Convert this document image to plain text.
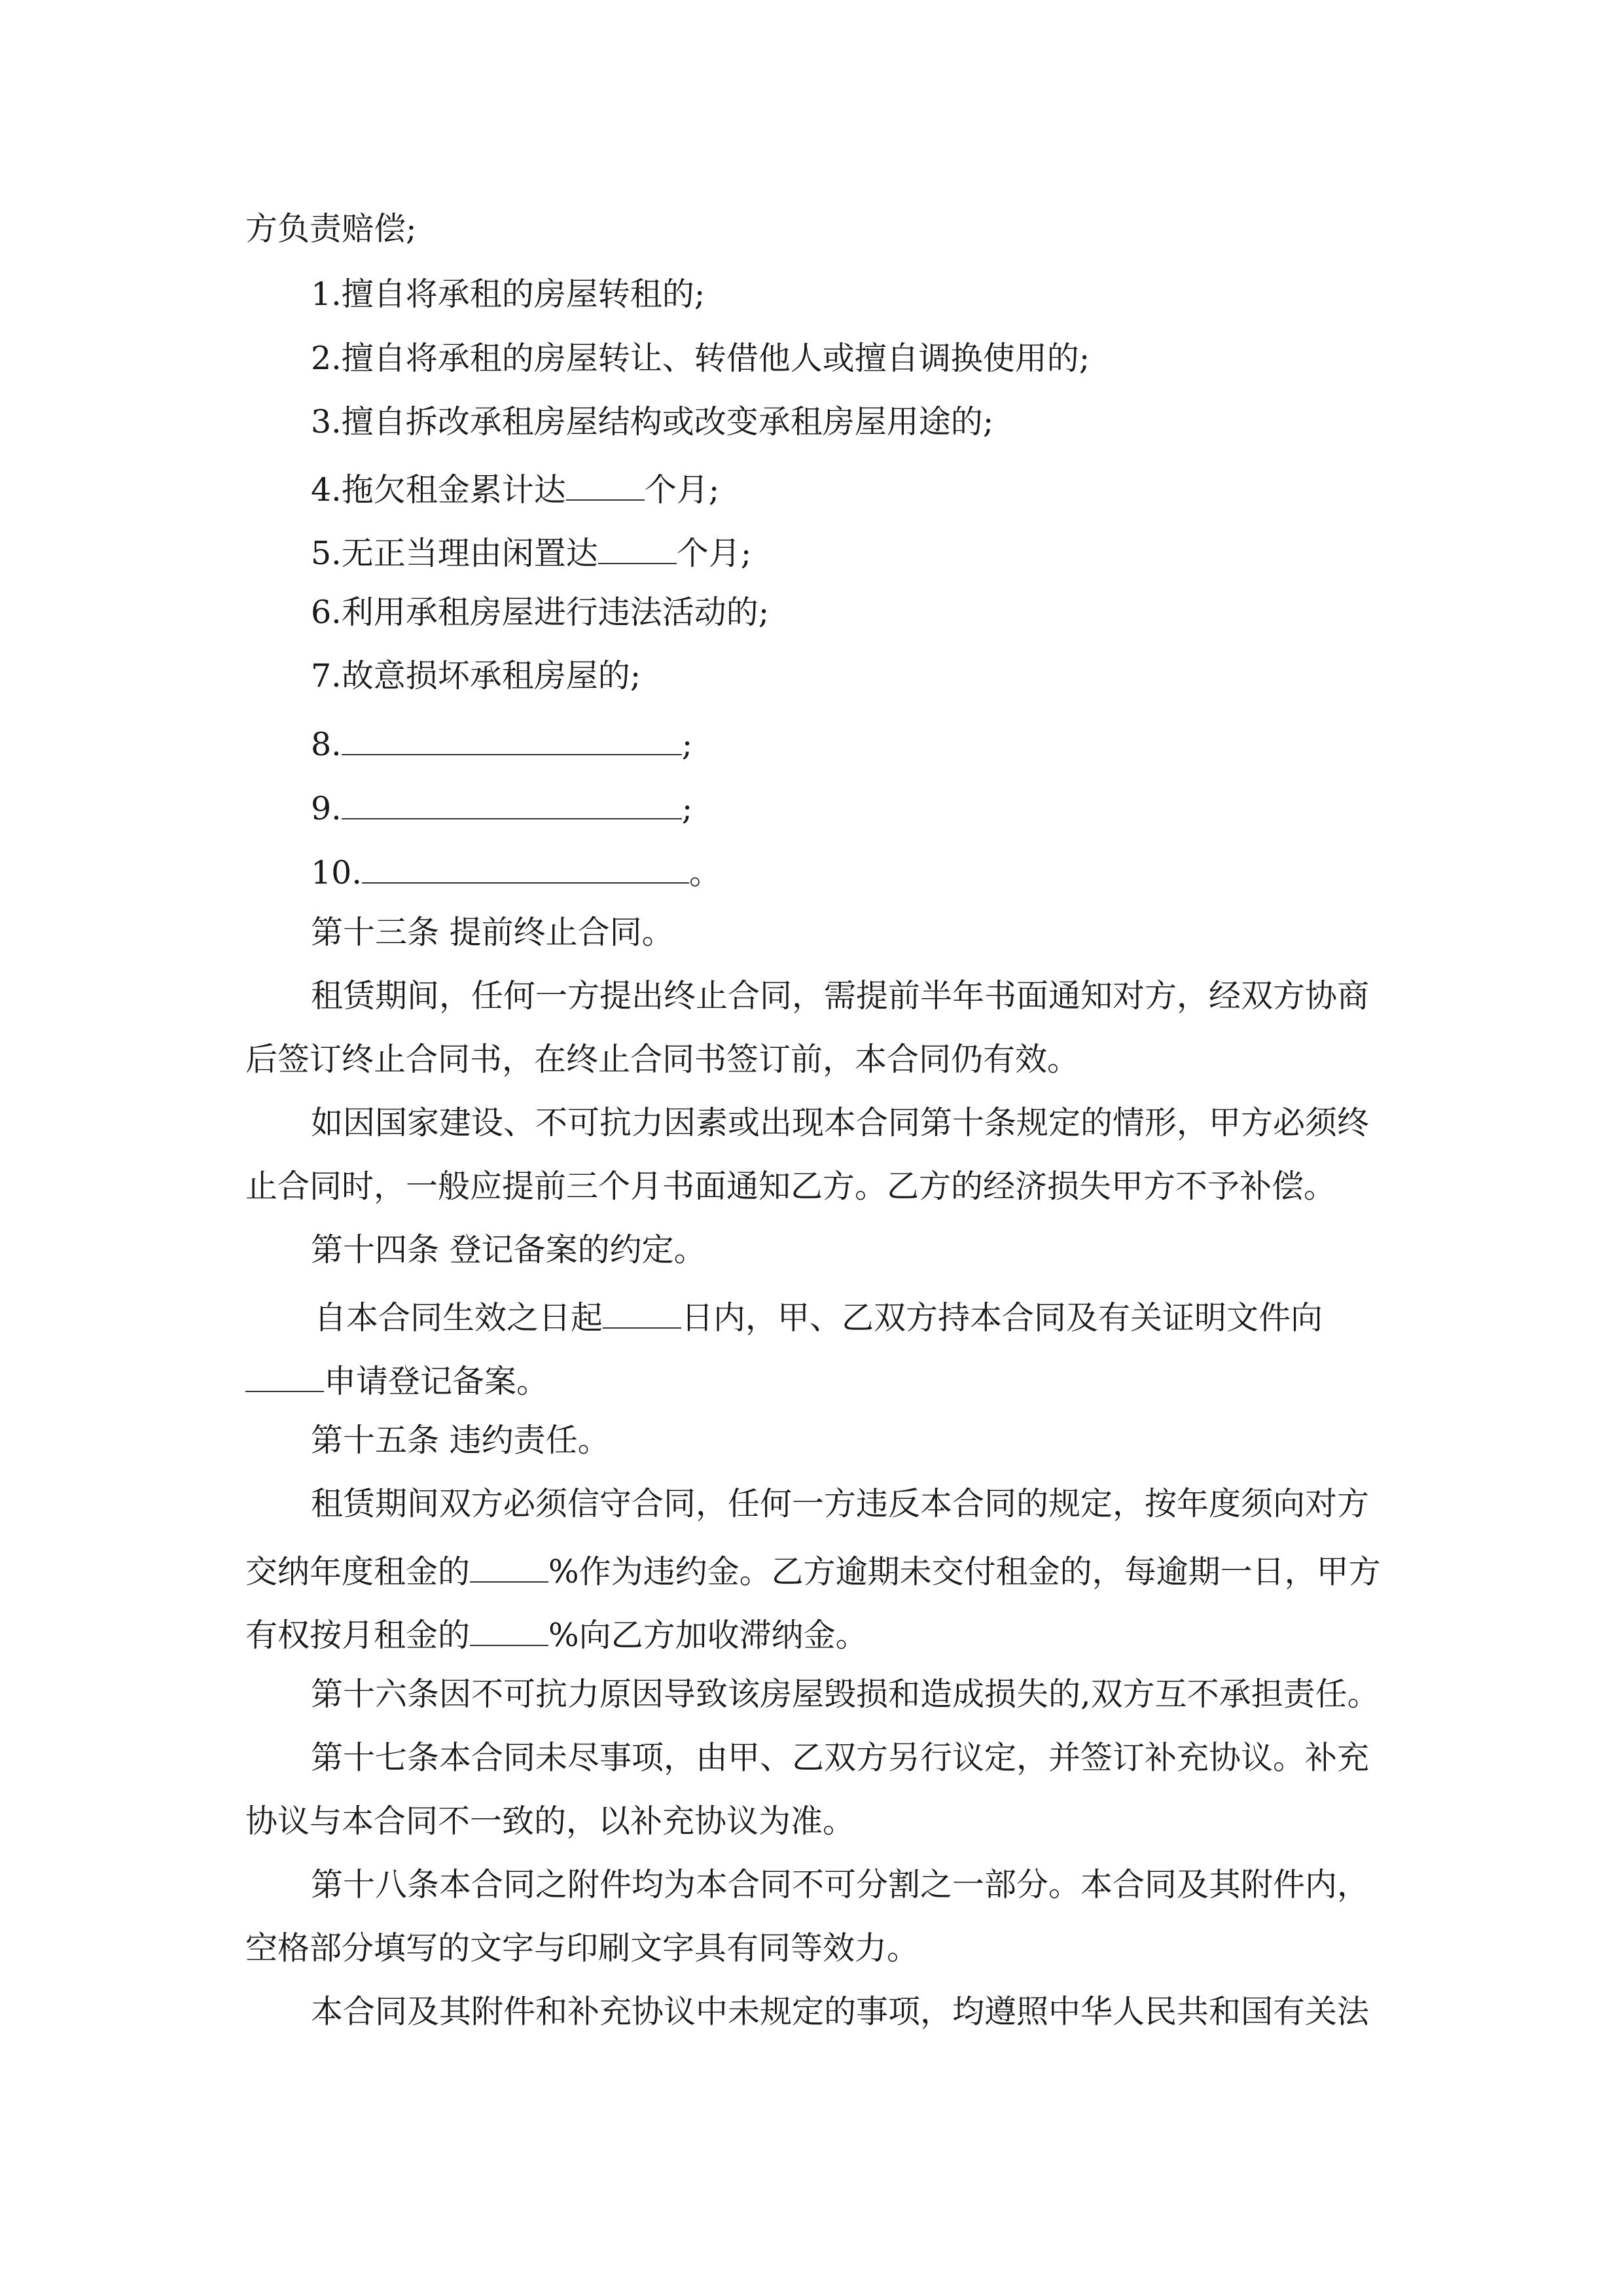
方负责赔偿;
1.擅自将承租的房屋转租的;
2.擅自将承租的房屋转让、转借他人或擅自调换使用的;
3.擅自拆改承租房屋结构或改变承租房屋用途的;
4.拖欠租金累计达 个月;
5.无正当理由闲置达 个月;
6.利用承租房屋进行违法活动的;
7.故意损坏承租房屋的;
8.	;
9.	;
10.	。
第十三条 提前终止合同。
租赁期间，任何一方提出终止合同，需提前半年书面通知对方，经双方协商
后签订终止合同书，在终止合同书签订前，本合同仍有效。
如因国家建设、不可抗力因素或出现本合同第十条规定的情形，甲方必须终
止合同时，一般应提前三个月书面通知乙方。乙方的经济损失甲方不予补偿。
第十四条 登记备案的约定。
自本合同生效之日起 日内，甲、乙双方持本合同及有关证明文件向
申请登记备案。
第十五条 违约责任。
租赁期间双方必须信守合同，任何一方违反本合同的规定，按年度须向对方
交纳年度租金的 %作为违约金。乙方逾期未交付租金的，每逾期一日，甲方
有权按月租金的 %向乙方加收滞纳金。
第十六条因不可抗力原因导致该房屋毁损和造成损失的,双方互不承担责任。
第十七条本合同未尽事项，由甲、乙双方另行议定，并签订补充协议。补充
协议与本合同不一致的，以补充协议为准。
第十八条本合同之附件均为本合同不可分割之一部分。本合同及其附件内，
空格部分填写的文字与印刷文字具有同等效力。
本合同及其附件和补充协议中未规定的事项，均遵照中华人民共和国有关法
